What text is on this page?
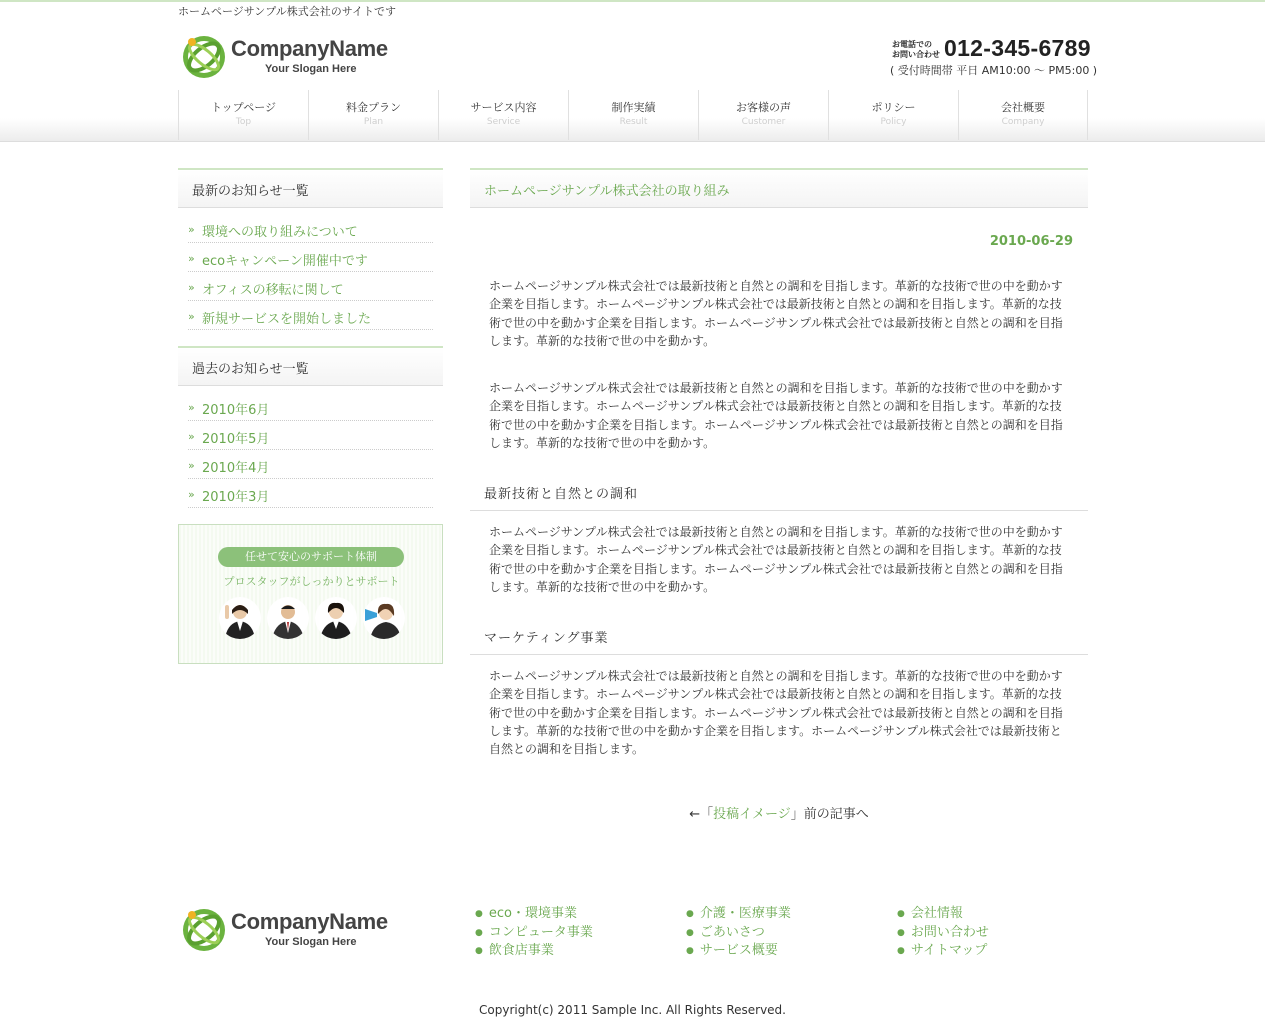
ホームページサンプル株式会社のサイトです
CompanyName
Your Slogan Here
お電話での
お問い合わせ 012-345-6789
( 受付時間帯 平日 AM10:00 〜 PM5:00 )
トップページ
Top
料金プラン
Plan
サービス内容
Service
制作実績
Result
お客様の声
Customer
ポリシー
Policy
会社概要
Company
最新のお知らせ一覧
» 環境への取り組みについて
» ecoキャンペーン開催中です
» オフィスの移転に関して
» 新規サービスを開始しました
過去のお知らせ一覧
» 2010年6月
» 2010年5月
» 2010年4月
» 2010年3月
任せて安心のサポート体制
プロスタッフがしっかりとサポート
ホームページサンプル株式会社の取り組み
2010-06-29

ホームページサンプル株式会社では最新技術と自然との調和を目指します。革新的な技術で世の中を動かす企業を目指します。ホームページサンプル株式会社では最新技術と自然との調和を目指します。革新的な技術で世の中を動かす企業を目指します。ホームページサンプル株式会社では最新技術と自然との調和を目指します。革新的な技術で世の中を動かす。

ホームページサンプル株式会社では最新技術と自然との調和を目指します。革新的な技術で世の中を動かす企業を目指します。ホームページサンプル株式会社では最新技術と自然との調和を目指します。革新的な技術で世の中を動かす企業を目指します。ホームページサンプル株式会社では最新技術と自然との調和を目指します。革新的な技術で世の中を動かす。

最新技術と自然との調和

ホームページサンプル株式会社では最新技術と自然との調和を目指します。革新的な技術で世の中を動かす企業を目指します。ホームページサンプル株式会社では最新技術と自然との調和を目指します。革新的な技術で世の中を動かす企業を目指します。ホームページサンプル株式会社では最新技術と自然との調和を目指します。革新的な技術で世の中を動かす。

マーケティング事業

ホームページサンプル株式会社では最新技術と自然との調和を目指します。革新的な技術で世の中を動かす企業を目指します。ホームページサンプル株式会社では最新技術と自然との調和を目指します。革新的な技術で世の中を動かす企業を目指します。ホームページサンプル株式会社では最新技術と自然との調和を目指します。革新的な技術で世の中を動かす企業を目指します。ホームページサンプル株式会社では最新技術と自然との調和を目指します。

←「投稿イメージ」前の記事へ
CompanyName
Your Slogan Here
● eco・環境事業
● コンピュータ事業
● 飲食店事業
● 介護・医療事業
● ごあいさつ
● サービス概要
● 会社情報
● お問い合わせ
● サイトマップ
Copyright(c) 2011 Sample Inc. All Rights Reserved.
